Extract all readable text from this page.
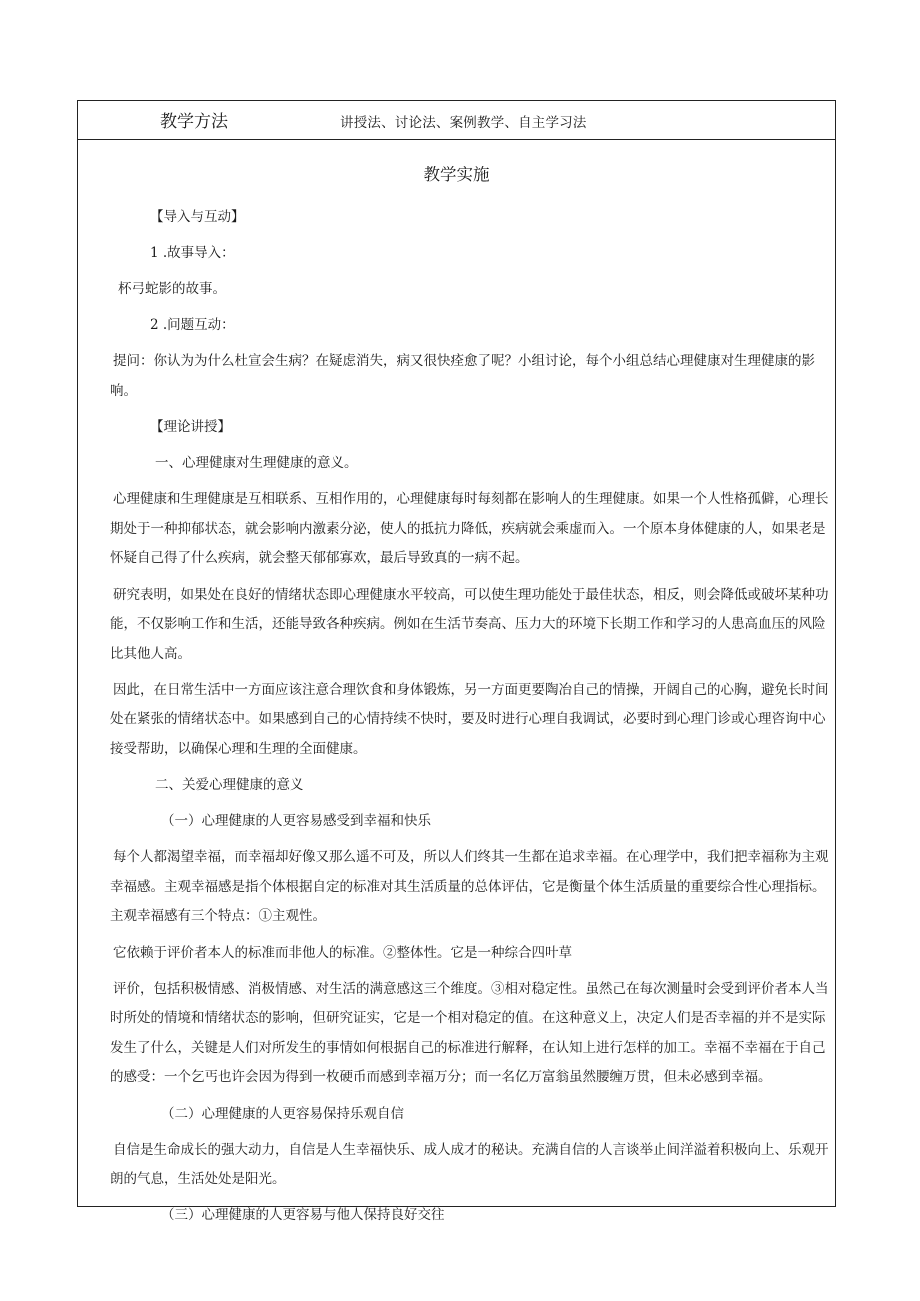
教学方法	讲授法、讨论法、案例教学、自主学习法
教学实施

【导入与互动】

1 .故事导入：

杯弓蛇影的故事。

2 .问题互动：

提问：你认为为什么杜宣会生病？在疑虑消失，病又很快痊愈了呢？小组讨论，每个小组总结心理健康对生理健康的影响。

【理论讲授】

一、心理健康对生理健康的意义。

心理健康和生理健康是互相联系、互相作用的，心理健康每时每刻都在影响人的生理健康。如果一个人性格孤僻，心理长期处于一种抑郁状态，就会影响内激素分泌，使人的抵抗力降低，疾病就会乘虚而入。一个原本身体健康的人，如果老是怀疑自己得了什么疾病，就会整天郁郁寡欢，最后导致真的一病不起。

研究表明，如果处在良好的情绪状态即心理健康水平较高，可以使生理功能处于最佳状态，相反，则会降低或破坏某种功能，不仅影响工作和生活，还能导致各种疾病。例如在生活节奏高、压力大的环境下长期工作和学习的人患高血压的风险比其他人高。

因此，在日常生活中一方面应该注意合理饮食和身体锻炼，另一方面更要陶冶自己的情操，开阔自己的心胸，避免长时间处在紧张的情绪状态中。如果感到自己的心情持续不快时，要及时进行心理自我调试，必要时到心理门诊或心理咨询中心接受帮助，以确保心理和生理的全面健康。

二、关爱心理健康的意义

（一）心理健康的人更容易感受到幸福和快乐

每个人都渴望幸福，而幸福却好像又那么遥不可及，所以人们终其一生都在追求幸福。在心理学中，我们把幸福称为主观幸福感。主观幸福感是指个体根据自定的标准对其生活质量的总体评估，它是衡量个体生活质量的重要综合性心理指标。主观幸福感有三个特点：①主观性。

它依赖于评价者本人的标准而非他人的标准。②整体性。它是一种综合四叶草

评价，包括积极情感、消极情感、对生活的满意感这三个维度。③相对稳定性。虽然己在每次测量时会受到评价者本人当时所处的情境和情绪状态的影响，但研究证实，它是一个相对稳定的值。在这种意义上，决定人们是否幸福的并不是实际发生了什么，关键是人们对所发生的事情如何根据自己的标准进行解释，在认知上进行怎样的加工。幸福不幸福在于自己的感受：一个乞丐也许会因为得到一枚硬币而感到幸福万分；而一名亿万富翁虽然腰缠万贯，但未必感到幸福。

（二）心理健康的人更容易保持乐观自信

自信是生命成长的强大动力，自信是人生幸福快乐、成人成才的秘诀。充满自信的人言谈举止间洋溢着积极向上、乐观开朗的气息，生活处处是阳光。

（三）心理健康的人更容易与他人保持良好交往
